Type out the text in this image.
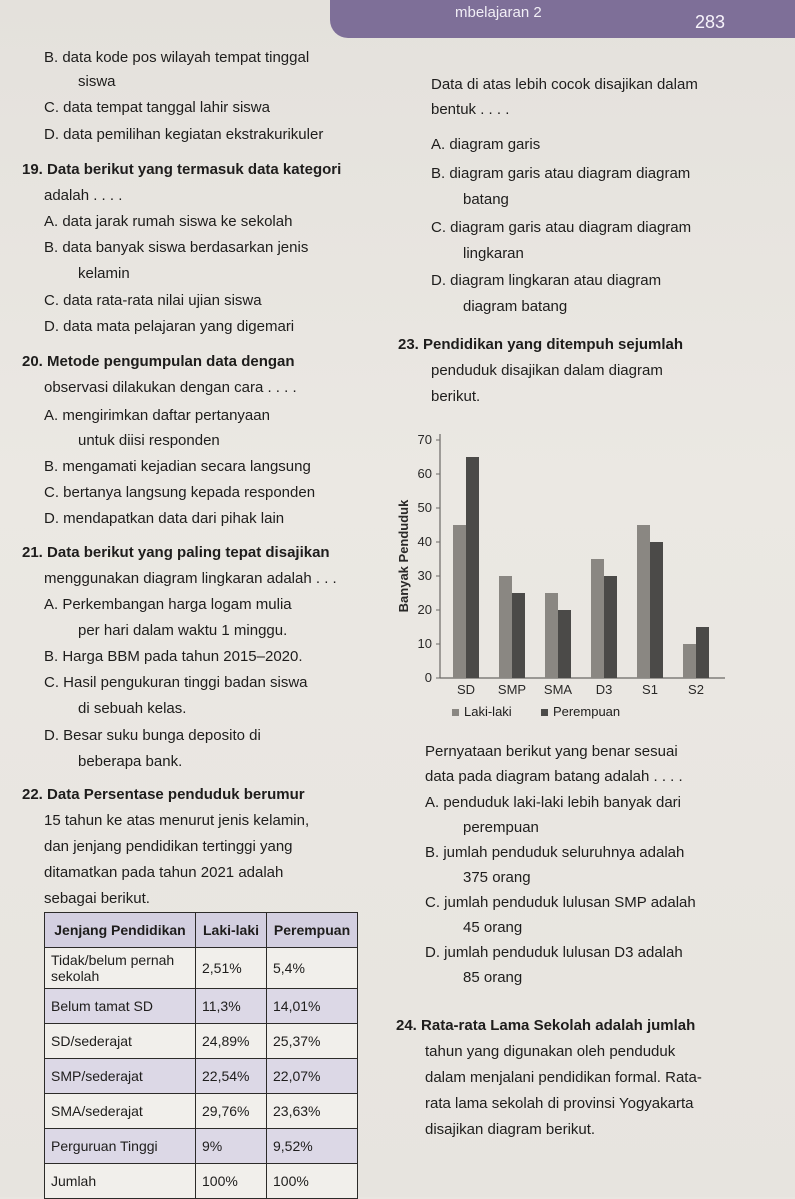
mbelajaran 2	283
B. data kode pos wilayah tempat tinggal
siswa
C. data tempat tanggal lahir siswa
D. data pemilihan kegiatan ekstrakurikuler
19. Data berikut yang termasuk data kategori
adalah . . . .
A. data jarak rumah siswa ke sekolah
B. data banyak siswa berdasarkan jenis
kelamin
C. data rata-rata nilai ujian siswa
D. data mata pelajaran yang digemari
20. Metode pengumpulan data dengan
observasi dilakukan dengan cara . . . .
A. mengirimkan daftar pertanyaan
untuk diisi responden
B. mengamati kejadian secara langsung
C. bertanya langsung kepada responden
D. mendapatkan data dari pihak lain
21. Data berikut yang paling tepat disajikan
menggunakan diagram lingkaran adalah . . .
A. Perkembangan harga logam mulia
per hari dalam waktu 1 minggu.
B. Harga BBM pada tahun 2015–2020.
C. Hasil pengukuran tinggi badan siswa
di sebuah kelas.
D. Besar suku bunga deposito di
beberapa bank.
22. Data Persentase penduduk berumur
15 tahun ke atas menurut jenis kelamin,
dan jenjang pendidikan tertinggi yang
ditamatkan pada tahun 2021 adalah
sebagai berikut.
Jenjang Pendidikan	Laki-laki	Perempuan
Tidak/belum pernah sekolah	2,51%	5,4%
Belum tamat SD	11,3%	14,01%
SD/sederajat	24,89%	25,37%
SMP/sederajat	22,54%	22,07%
SMA/sederajat	29,76%	23,63%
Perguruan Tinggi	9%	9,52%
Jumlah	100%	100%
Data di atas lebih cocok disajikan dalam
bentuk . . . .
A. diagram garis
B. diagram garis atau diagram diagram
batang
C. diagram garis atau diagram diagram
lingkaran
D. diagram lingkaran atau diagram
diagram batang
23. Pendidikan yang ditempuh sejumlah
penduduk disajikan dalam diagram
berikut.
0
10
20
30
40
50
60
70
SD SMP SMA D3 S1 S2
Banyak Penduduk
Laki-laki	Perempuan
Pernyataan berikut yang benar sesuai
data pada diagram batang adalah . . . .
A. penduduk laki-laki lebih banyak dari
perempuan
B. jumlah penduduk seluruhnya adalah
375 orang
C. jumlah penduduk lulusan SMP adalah
45 orang
D. jumlah penduduk lulusan D3 adalah
85 orang
24. Rata-rata Lama Sekolah adalah jumlah
tahun yang digunakan oleh penduduk
dalam menjalani pendidikan formal. Rata-
rata lama sekolah di provinsi Yogyakarta
disajikan diagram berikut.
